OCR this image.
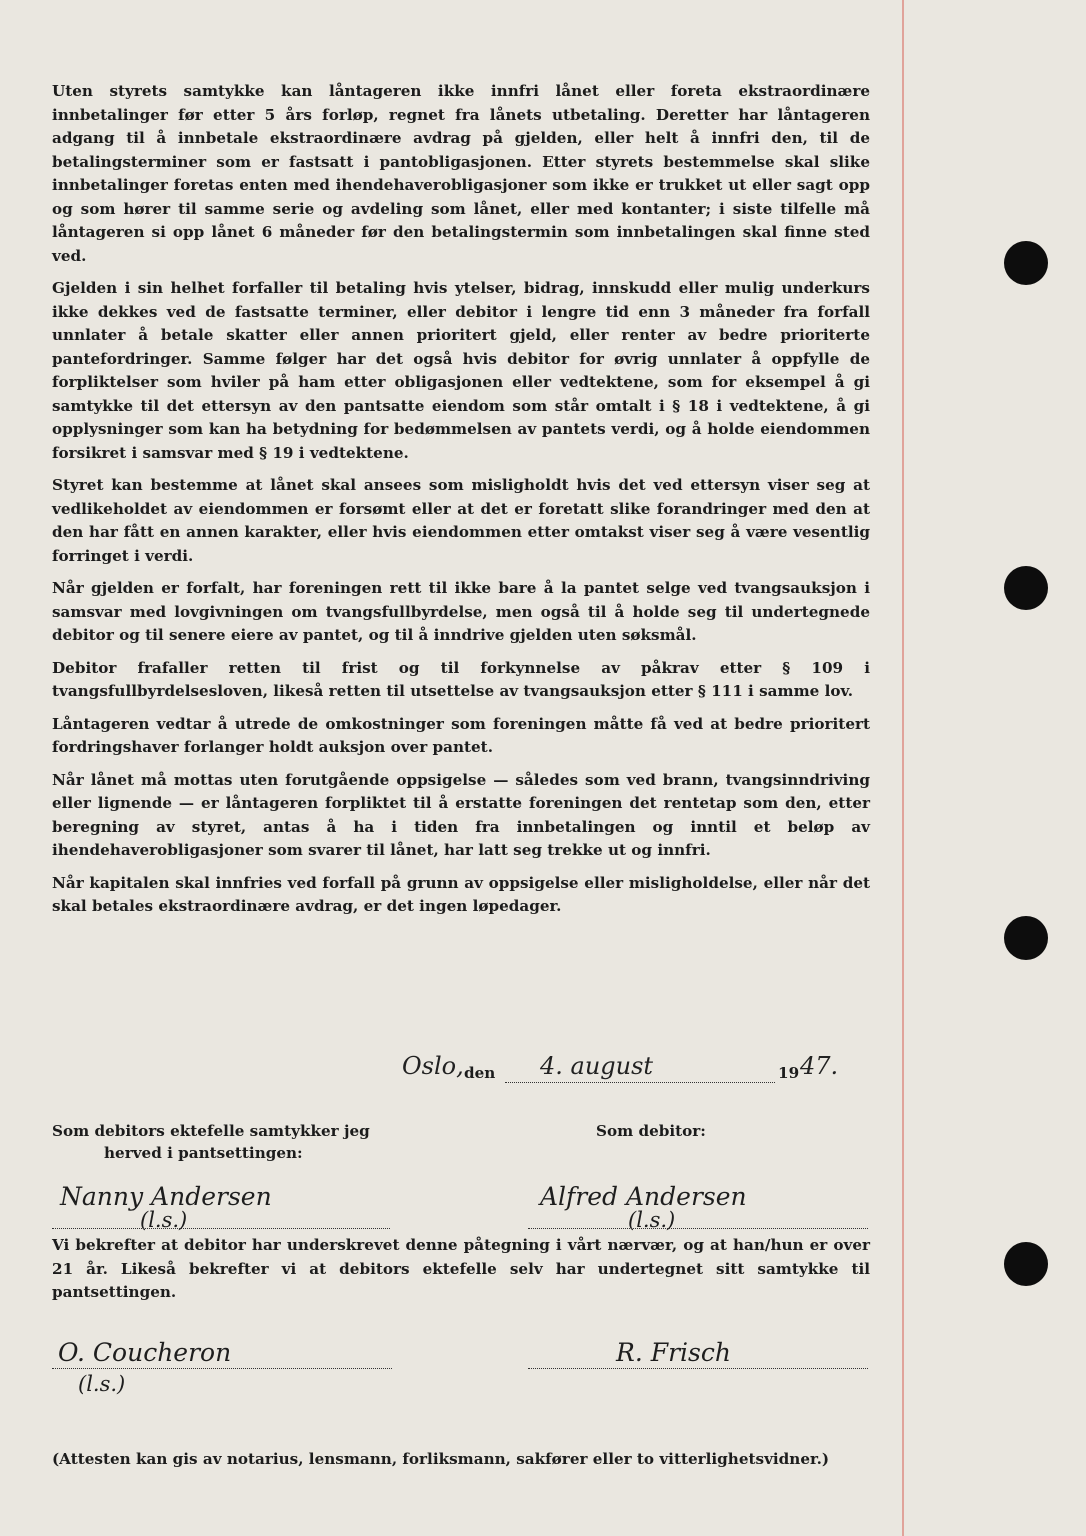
Uten styrets samtykke kan låntageren ikke innfri lånet eller foreta ekstraordinære innbetalinger før etter 5 års forløp, regnet fra lånets utbetaling. Deretter har låntageren adgang til å innbetale ekstraordinære avdrag på gjelden, eller helt å innfri den, til de betalingsterminer som er fastsatt i pantobligasjonen. Etter styrets bestemmelse skal slike innbetalinger foretas enten med ihendehaverobligasjoner som ikke er trukket ut eller sagt opp og som hører til samme serie og avdeling som lånet, eller med kontanter; i siste tilfelle må låntageren si opp lånet 6 måneder før den betalingstermin som innbetalingen skal finne sted ved.

Gjelden i sin helhet forfaller til betaling hvis ytelser, bidrag, innskudd eller mulig underkurs ikke dekkes ved de fastsatte terminer, eller debitor i lengre tid enn 3 måneder fra forfall unnlater å betale skatter eller annen prioritert gjeld, eller renter av bedre prioriterte pantefordringer. Samme følger har det også hvis debitor for øvrig unnlater å oppfylle de forpliktelser som hviler på ham etter obligasjonen eller vedtektene, som for eksempel å gi samtykke til det ettersyn av den pantsatte eiendom som står omtalt i § 18 i vedtektene, å gi opplysninger som kan ha betydning for bedømmelsen av pantets verdi, og å holde eiendommen forsikret i samsvar med § 19 i vedtektene.

Styret kan bestemme at lånet skal ansees som misligholdt hvis det ved ettersyn viser seg at vedlikeholdet av eiendommen er forsømt eller at det er foretatt slike forandringer med den at den har fått en annen karakter, eller hvis eiendommen etter omtakst viser seg å være vesentlig forringet i verdi.

Når gjelden er forfalt, har foreningen rett til ikke bare å la pantet selge ved tvangsauksjon i samsvar med lovgivningen om tvangsfullbyrdelse, men også til å holde seg til undertegnede debitor og til senere eiere av pantet, og til å inndrive gjelden uten søksmål.

Debitor frafaller retten til frist og til forkynnelse av påkrav etter § 109 i tvangsfullbyrdelsesloven, likeså retten til utsettelse av tvangsauksjon etter § 111 i samme lov.

Låntageren vedtar å utrede de omkostninger som foreningen måtte få ved at bedre prioritert fordringshaver forlanger holdt auksjon over pantet.

Når lånet må mottas uten forutgående oppsigelse — således som ved brann, tvangsinndriving eller lignende — er låntageren forpliktet til å erstatte foreningen det rentetap som den, etter beregning av styret, antas å ha i tiden fra innbetalingen og inntil et beløp av ihendehaverobligasjoner som svarer til lånet, har latt seg trekke ut og innfri.

Når kapitalen skal innfries ved forfall på grunn av oppsigelse eller misligholdelse, eller når det skal betales ekstraordinære avdrag, er det ingen løpedager.

Oslo, den 4. august	19 47.
Som debitors ektefelle samtykker jeg
herved i pantsettingen:
Som debitor:
Nanny Andersen
(l.s.)
Alfred Andersen
(l.s.)
Vi bekrefter at debitor har underskrevet denne påtegning i vårt nærvær, og at han/hun er over 21 år. Likeså bekrefter vi at debitors ektefelle selv har undertegnet sitt samtykke til pantsettingen.
O. Coucheron
(l.s.)
R. Frisch
(Attesten kan gis av notarius, lensmann, forliksmann, sakfører eller to vitterlighetsvidner.)
